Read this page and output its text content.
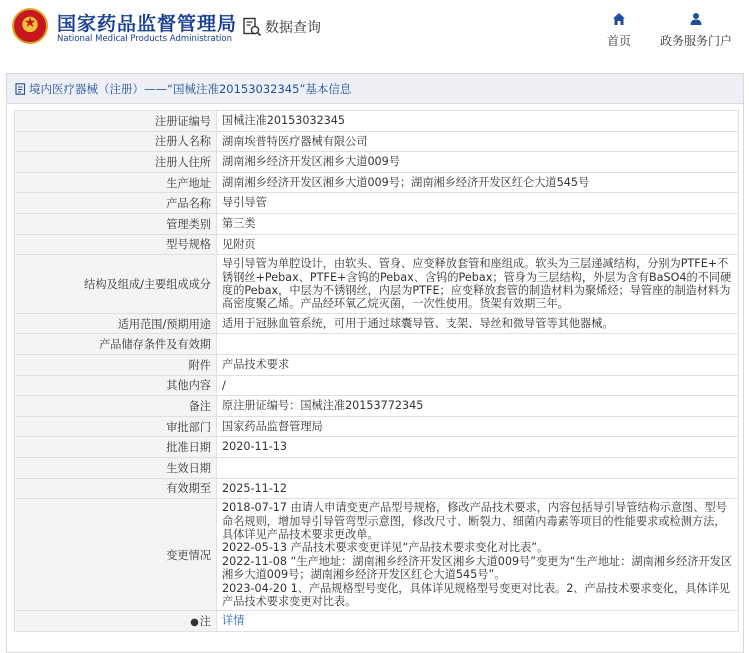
★	国家药品监督管理局
National Medical Products Administration
数据查询
首页	政务服务门户
境内医疗器械（注册）——“国械注准20153032345”基本信息
注册证编号	国械注准20153032345
注册人名称	湖南埃普特医疗器械有限公司
注册人住所	湖南湘乡经济开发区湘乡大道009号
生产地址	湖南湘乡经济开发区湘乡大道009号；湖南湘乡经济开发区红仑大道545号
产品名称	导引导管
管理类别	第三类
型号规格	见附页
结构及组成/主要组成成分	导引导管为单腔设计，由软头、管身、应变释放套管和座组成。软头为三层递减结构，分别为PTFE+不锈钢丝+Pebax、PTFE+含钨的Pebax、含钨的Pebax；管身为三层结构，外层为含有BaSO4的不同硬度的Pebax，中层为不锈钢丝，内层为PTFE；应变释放套管的制造材料为聚烯烃；导管座的制造材料为高密度聚乙烯。产品经环氧乙烷灭菌，一次性使用。货架有效期三年。
适用范围/预期用途	适用于冠脉血管系统，可用于通过球囊导管、支架、导丝和微导管等其他器械。
产品储存条件及有效期	
附件	产品技术要求
其他内容	/
备注	原注册证编号：国械注准20153772345
审批部门	国家药品监督管理局
批准日期	2020-11-13
生效日期	
有效期至	2025-11-12
变更情况	2018-07-17 由请人申请变更产品型号规格，修改产品技术要求，内容包括导引导管结构示意图、型号命名规则，增加导引导管弯型示意图，修改尺寸、断裂力、细菌内毒素等项目的性能要求或检测方法，具体详见产品技术要求更改单。
2022-05-13 产品技术要求变更详见“产品技术要求变化对比表”。
2022-11-08 “生产地址：湖南湘乡经济开发区湘乡大道009号”变更为“生产地址：湖南湘乡经济开发区湘乡大道009号；湖南湘乡经济开发区红仑大道545号”。
2023-04-20 1、产品规格型号变化，具体详见规格型号变更对比表。2、产品技术要求变化，具体详见产品技术要求变更对比表。

●注	详情
